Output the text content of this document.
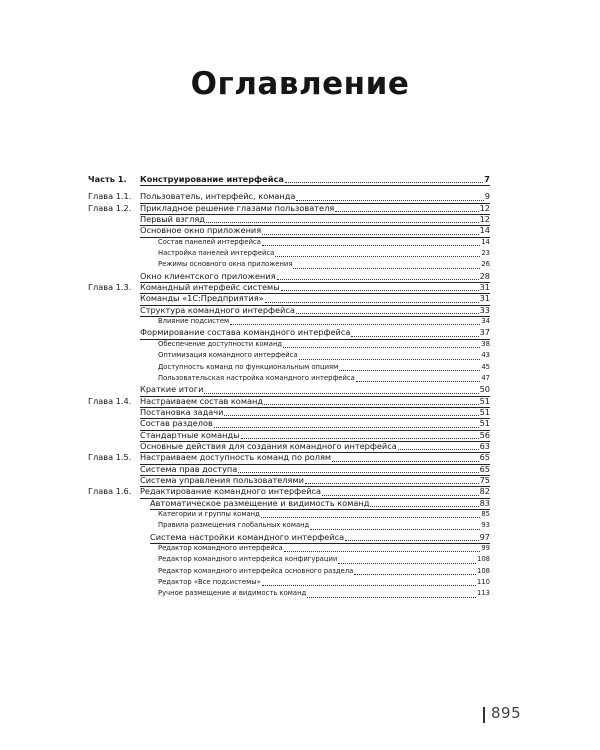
Оглавление
Часть 1. Конструирование интерфейса	7
Глава 1.1. Пользователь, интерфейс, команда	9
Глава 1.2. Прикладное решение глазами пользователя	12
Первый взгляд	12
Основное окно приложения	14
Состав панелей интерфейса	14
Настройка панелей интерфейса	23
Режимы основного окна приложения	26
Окно клиентского приложения	28
Глава 1.3. Командный интерфейс системы	31
Команды «1С:Предприятия»	31
Структура командного интерфейса	33
Влияние подсистем	34
Формирование состава командного интерфейса	37
Обеспечение доступности команд	38
Оптимизация командного интерфейса	43
Доступность команд по функциональным опциям	45
Пользовательская настройка командного интерфейса	47
Краткие итоги	50
Глава 1.4. Настраиваем состав команд	51
Постановка задачи	51
Состав разделов	51
Стандартные команды	56
Основные действия для создания командного интерфейса	63
Глава 1.5. Настраиваем доступность команд по ролям	65
Система прав доступа	65
Система управления пользователями	75
Глава 1.6. Редактирование командного интерфейса	82
Автоматическое размещение и видимость команд	83
Категории и группы команд	85
Правила размещения глобальных команд	93
Система настройки командного интерфейса	97
Редактор командного интерфейса	99
Редактор командного интерфейса конфигурации	108
Редактор командного интерфейса основного раздела	108
Редактор «Все подсистемы»	110
Ручное размещение и видимость команд	113
895
